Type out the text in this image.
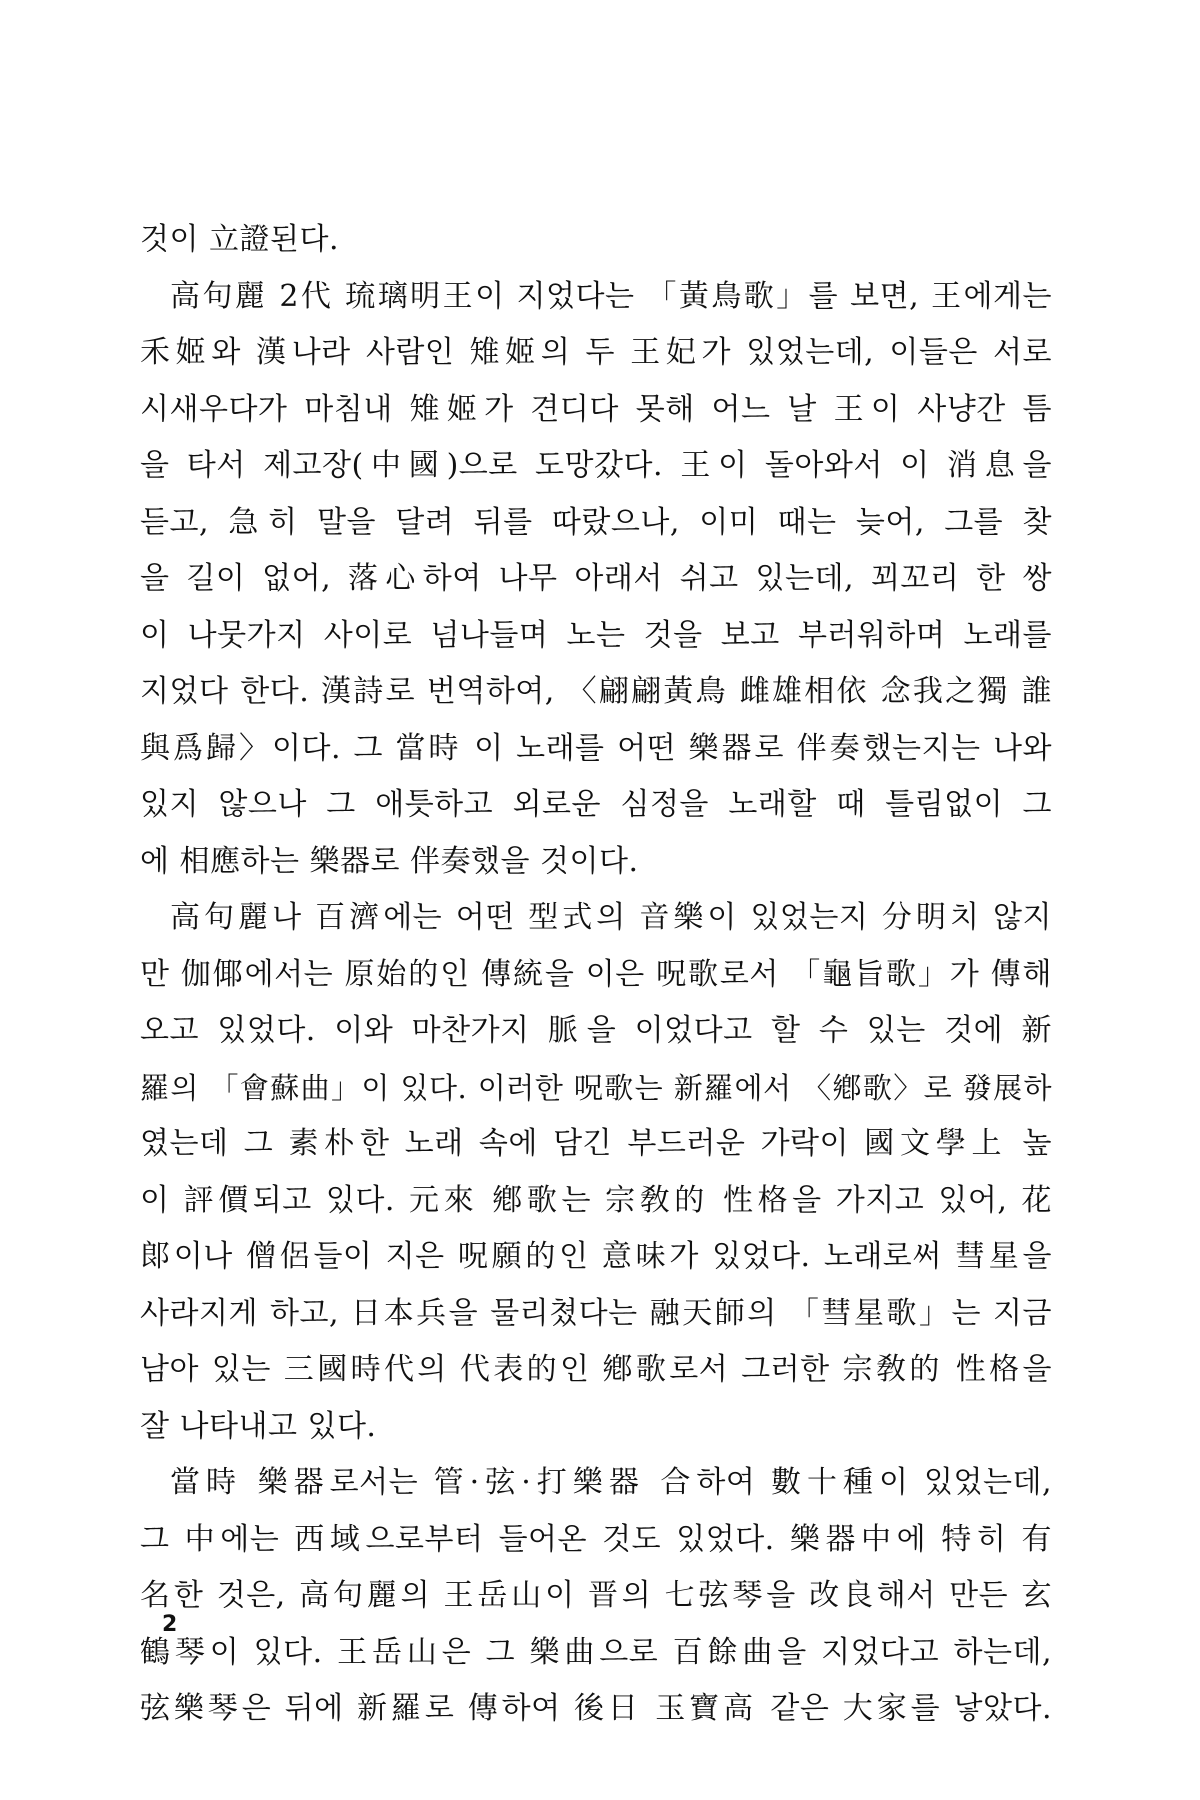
것이 立證된다.
高句麗 2代 琉璃明王이 지었다는 「黃鳥歌」를 보면, 王에게는
禾姬와 漢나라 사람인 雉姬의 두 王妃가 있었는데, 이들은 서로
시새우다가 마침내 雉姬가 견디다 못해 어느 날 王이 사냥간 틈
을 타서 제고장(中國)으로 도망갔다. 王이 돌아와서 이 消息을
듣고, 急히 말을 달려 뒤를 따랐으나, 이미 때는 늦어, 그를 찾
을 길이 없어, 落心하여 나무 아래서 쉬고 있는데, 꾀꼬리 한 쌍
이 나뭇가지 사이로 넘나들며 노는 것을 보고 부러워하며 노래를
지었다 한다. 漢詩로 번역하여, 〈翩翩黃鳥 雌雄相依 念我之獨 誰
與爲歸〉이다. 그 當時 이 노래를 어떤 樂器로 伴奏했는지는 나와
있지 않으나 그 애틋하고 외로운 심정을 노래할 때 틀림없이 그
에 相應하는 樂器로 伴奏했을 것이다.
高句麗나 百濟에는 어떤 型式의 音樂이 있었는지 分明치 않지
만 伽倻에서는 原始的인 傳統을 이은 呪歌로서 「龜旨歌」가 傳해
오고 있었다. 이와 마찬가지 脈을 이었다고 할 수 있는 것에 新
羅의 「會蘇曲」이 있다. 이러한 呪歌는 新羅에서 〈鄕歌〉로 發展하
였는데 그 素朴한 노래 속에 담긴 부드러운 가락이 國文學上 높
이 評價되고 있다. 元來 鄕歌는 宗敎的 性格을 가지고 있어, 花
郞이나 僧侶들이 지은 呪願的인 意味가 있었다. 노래로써 彗星을
사라지게 하고, 日本兵을 물리쳤다는 融天師의 「彗星歌」는 지금
남아 있는 三國時代의 代表的인 鄕歌로서 그러한 宗敎的 性格을
잘 나타내고 있다.
當時 樂器로서는 管·弦·打樂器 合하여 數十種이 있었는데,
그 中에는 西域으로부터 들어온 것도 있었다. 樂器中에 特히 有
名한 것은, 高句麗의 王岳山이 晋의 七弦琴을 改良해서 만든 玄
鶴琴이 있다. 王岳山은 그 樂曲으로 百餘曲을 지었다고 하는데,
弦樂琴은 뒤에 新羅로 傳하여 後日 玉寶高 같은 大家를 낳았다.
2
